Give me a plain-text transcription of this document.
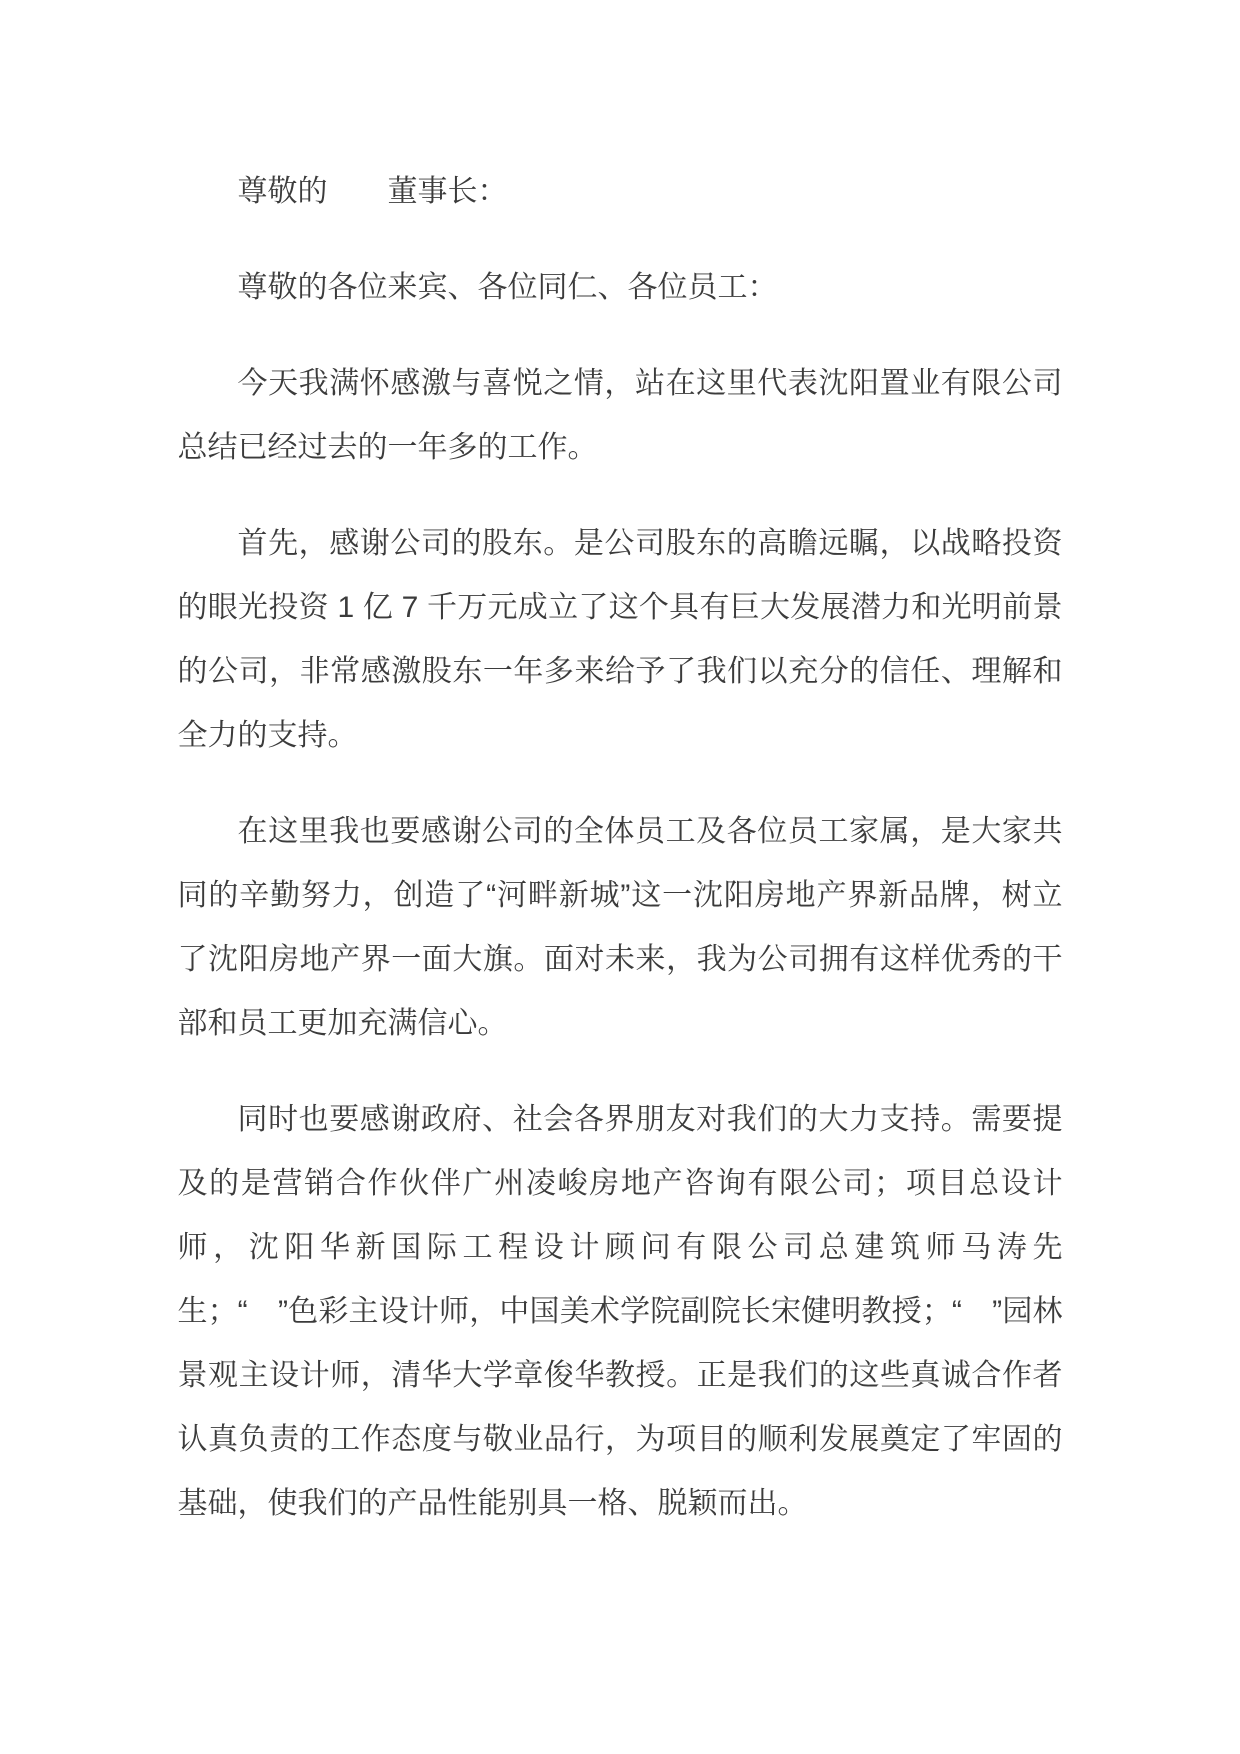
尊敬的　　董事长：

尊敬的各位来宾、各位同仁、各位员工：

今天我满怀感激与喜悦之情，站在这里代表沈阳置业有限公司总结已经过去的一年多的工作。

首先，感谢公司的股东。是公司股东的高瞻远瞩，以战略投资的眼光投资 1 亿 7 千万元成立了这个具有巨大发展潜力和光明前景的公司，非常感激股东一年多来给予了我们以充分的信任、理解和全力的支持。

在这里我也要感谢公司的全体员工及各位员工家属，是大家共同的辛勤努力，创造了“河畔新城”这一沈阳房地产界新品牌，树立了沈阳房地产界一面大旗。面对未来，我为公司拥有这样优秀的干部和员工更加充满信心。

同时也要感谢政府、社会各界朋友对我们的大力支持。需要提及的是营销合作伙伴广州凌峻房地产咨询有限公司；项目总设计师，沈阳华新国际工程设计顾问有限公司总建筑师马涛先生；“　”色彩主设计师，中国美术学院副院长宋健明教授；“　”园林景观主设计师，清华大学章俊华教授。正是我们的这些真诚合作者认真负责的工作态度与敬业品行，为项目的顺利发展奠定了牢固的基础，使我们的产品性能别具一格、脱颖而出。
